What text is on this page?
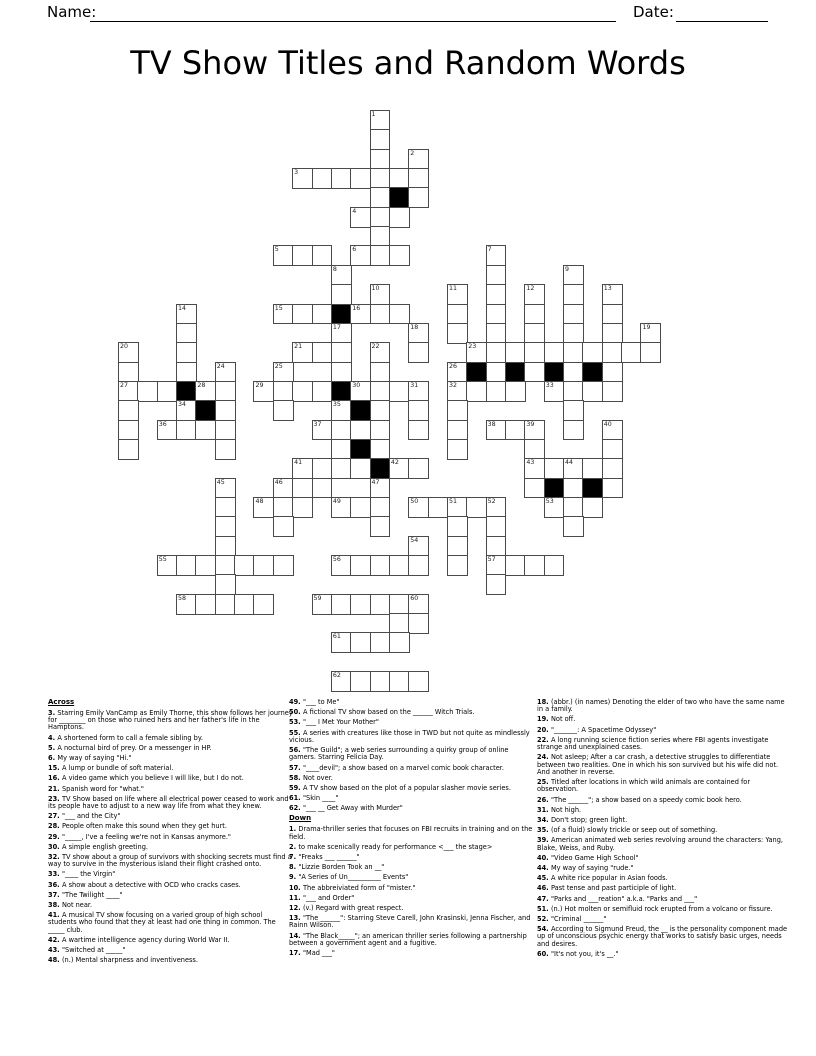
Name:	Date:
TV Show Titles and Random Words
1
2
3
4
5	6	7
8	9
10	11	12	13
14	15	16
17	18	19
20	21	22	23
24	25	26
27	28	29	30	31	32	33
34	35
36	37	38	39	40
41	42	43	44
45	46	47
48	49	50	51	52	53
54
55	56	57
58	59	60
61
62

Across

3. Starring Emily VanCamp as Emily Thorne, this show follows her journey for ________ on those who ruined hers and her father's life in the Hamptons.

4. A shortened form to call a female sibling by.

5. A nocturnal bird of prey. Or a messenger in HP.

6. My way of saying "Hi."

15. A lump or bundle of soft material.

16. A video game which you believe I will like, but I do not.

21. Spanish word for "what."

23. TV Show based on life where all electrical power ceased to work and its people have to adjust to a new way life from what they knew.

27. "___ and the City"

28. People often make this sound when they get hurt.

29. "_____, I've a feeling we're not in Kansas anymore."

30. A simple english greeting.

32. TV show about a group of survivors with shocking secrets must find a way to survive in the mysterious island their flight crashed onto.

33. "____ the Virgin"

36. A show about a detective with OCD who cracks cases.

37. "The Twilight ____"

38. Not near.

41. A musical TV show focusing on a varied group of high school students who found that they at least had one thing in common. The _____ club.

42. A wartime intelligence agency during World War II.

43. "Switched at _____"

48. (n.) Mental sharpness and inventiveness.

49. "___ to Me"

50. A fictional TV show based on the ______ Witch Trials.

53. "___ I Met Your Mother"

55. A series with creatures like those in TWD but not quite as mindlessly vicious.

56. "The Guild"; a web series surrounding a quirky group of online gamers. Starring Felicia Day.

57. "____devil"; a show based on a marvel comic book character.

58. Not over.

59. A TV show based on the plot of a popular slasher movie series.

61. "Skin ____"

62. "___ __ Get Away with Murder"

Down

1. Drama-thriller series that focuses on FBI recruits in training and on the field.

2. to make scenically ready for performance <___ the stage>

7. "Freaks ___ ______"

8. "Lizzie Borden Took an __"

9. "A Series of Un__________ Events"

10. The abbreiviated form of "mister."

11. "___ and Order"

12. (v.) Regard with great respect.

13. "The ______": Starring Steve Carell, John Krasinski, Jenna Fischer, and Rainn Wilson.

14. "The Black_____"; an american thriller series following a partnership between a government agent and a fugitive.

17. "Mad ___"

18. (abbr.) (in names) Denoting the elder of two who have the same name in a family.

19. Not off.

20. "_______: A Spacetime Odyssey"

22. A long running science fiction series where FBI agents investigate strange and unexplained cases.

24. Not asleep; After a car crash, a detective struggles to differentiate between two realities. One in which his son survived but his wife did not. And another in reverse.

25. Titled after locations in which wild animals are contained for observation.

26. "The ______"; a show based on a speedy comic book hero.

31. Not high.

34. Don't stop; green light.

35. (of a fluid) slowly trickle or seep out of something.

39. American animated web series revolving around the characters: Yang, Blake, Weiss, and Ruby.

40. "Video Game High School"

44. My way of saying "rude."

45. A white rice popular in Asian foods.

46. Past tense and past participle of light.

47. "Parks and ___reation" a.k.a. "Parks and ___"

51. (n.) Hot molten or semifluid rock erupted from a volcano or fissure.

52. "Criminal ______"

54. According to Sigmund Freud, the __ is the personality component made up of unconscious psychic energy that works to satisfy basic urges, needs and desires.

60. "It's not you, it's __."
